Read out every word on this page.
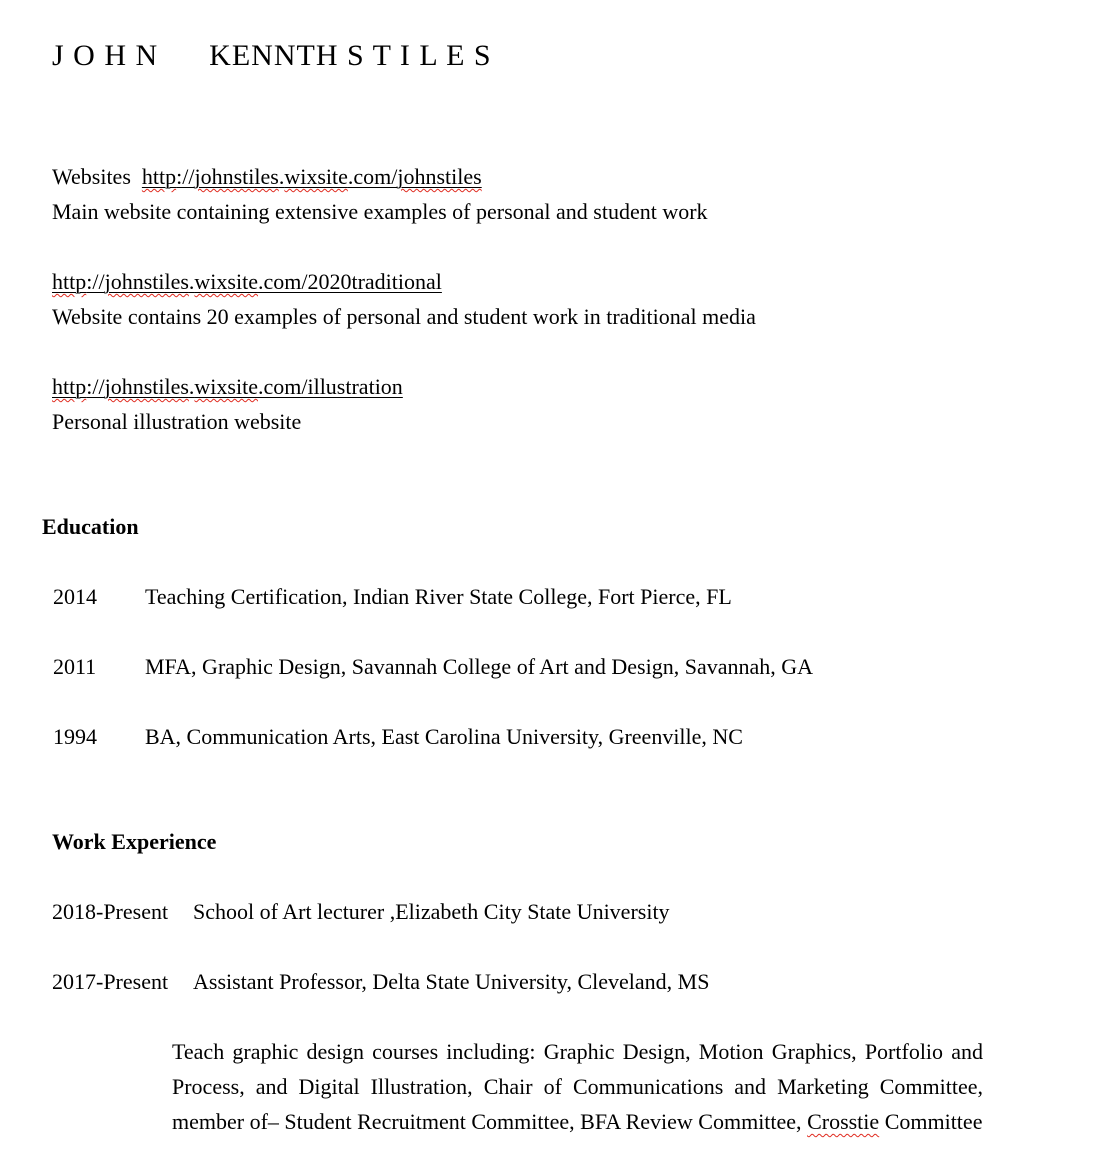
J O H N      KENNTH S T I L E S

Websites http://johnstiles.wixsite.com/johnstiles

Main website containing extensive examples of personal and student work

http://johnstiles.wixsite.com/2020traditional

Website contains 20 examples of personal and student work in traditional media

http://johnstiles.wixsite.com/illustration

Personal illustration website

Education

2014	Teaching Certification, Indian River State College, Fort Pierce, FL
2011	MFA, Graphic Design, Savannah College of Art and Design, Savannah, GA
1994	BA, Communication Arts, East Carolina University, Greenville, NC

Work Experience

2018-Present	School of Art lecturer ,Elizabeth City State University
2017-Present	Assistant Professor, Delta State University, Cleveland, MS

Teach graphic design courses including: Graphic Design, Motion Graphics, Portfolio and Process, and Digital Illustration, Chair of Communications and Marketing Committee, member of– Student Recruitment Committee, BFA Review Committee, Crosstie Committee
